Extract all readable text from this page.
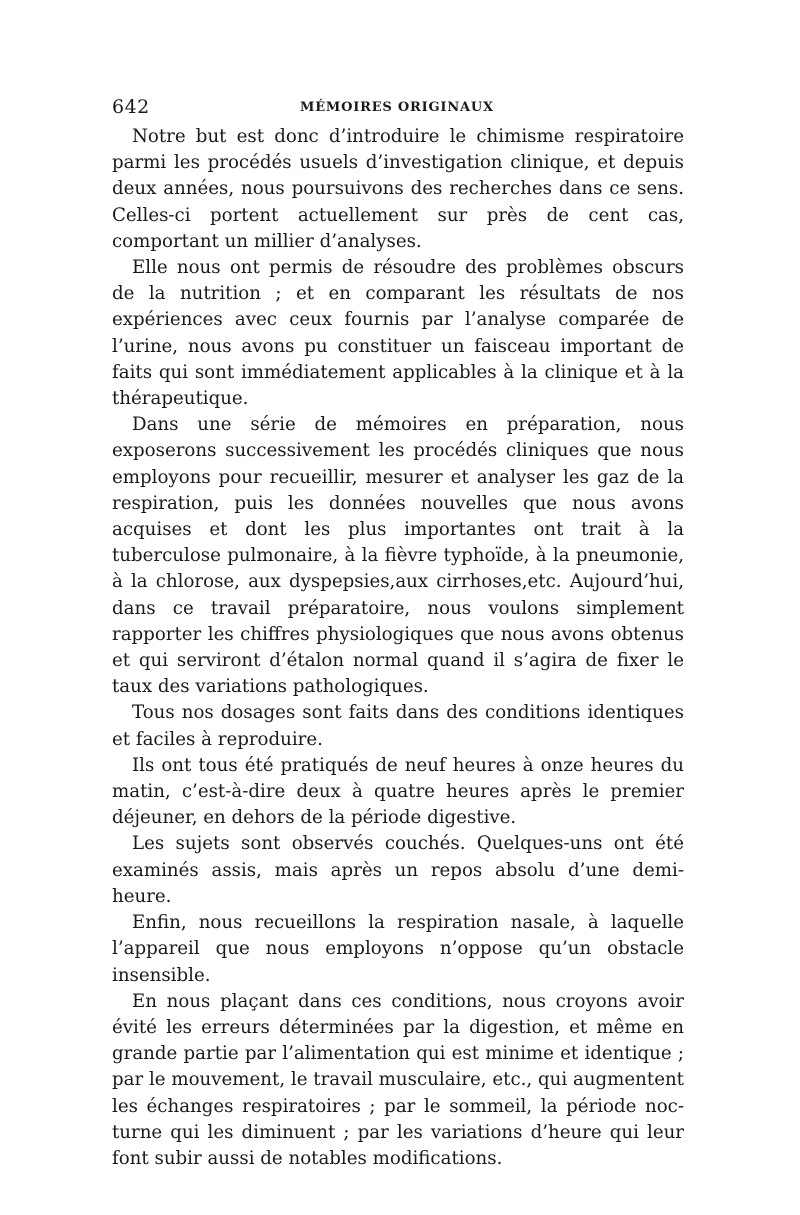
642	MÉMOIRES ORIGINAUX

Notre but est donc d’introduire le chimisme respiratoire parmi les procédés usuels d’investigation clinique, et depuis deux années, nous poursuivons des recherches dans ce sens. Celles-ci portent actuellement sur près de cent cas, comportant un millier d’analyses.

Elle nous ont permis de résoudre des problèmes obscurs de la nutrition ; et en comparant les résultats de nos expériences avec ceux fournis par l’analyse comparée de l’urine, nous avons pu constituer un faisceau important de faits qui sont immédiatement applicables à la clinique et à la thérapeutique.

Dans une série de mémoires en préparation, nous exposerons successivement les procédés cliniques que nous employons pour recueillir, mesurer et analyser les gaz de la respiration, puis les données nouvelles que nous avons acquises et dont les plus importantes ont trait à la tuberculose pulmonaire, à la fièvre typhoïde, à la pneumonie, à la chlorose, aux dyspepsies,aux cirrhoses,etc. Aujourd’hui, dans ce travail préparatoire, nous voulons simplement rapporter les chiffres physiologiques que nous avons obtenus et qui serviront d’étalon normal quand il s’agira de fixer le taux des variations pathologiques.

Tous nos dosages sont faits dans des conditions identiques et faciles à reproduire.

Ils ont tous été pratiqués de neuf heures à onze heures du matin, c’est-à-dire deux à quatre heures après le premier déjeuner, en dehors de la période digestive.

Les sujets sont observés couchés. Quelques-uns ont été examinés assis, mais après un repos absolu d’une demi-heure.

Enfin, nous recueillons la respiration nasale, à laquelle l’appareil que nous employons n’oppose qu’un obstacle insensible.

En nous plaçant dans ces conditions, nous croyons avoir évité les erreurs déterminées par la digestion, et même en grande partie par l’alimentation qui est minime et identique ; par le mouvement, le travail musculaire, etc., qui augmentent les échanges respiratoires ; par le sommeil, la période nocturne qui les diminuent ; par les variations d’heure qui leur font subir aussi de notables modifications.
